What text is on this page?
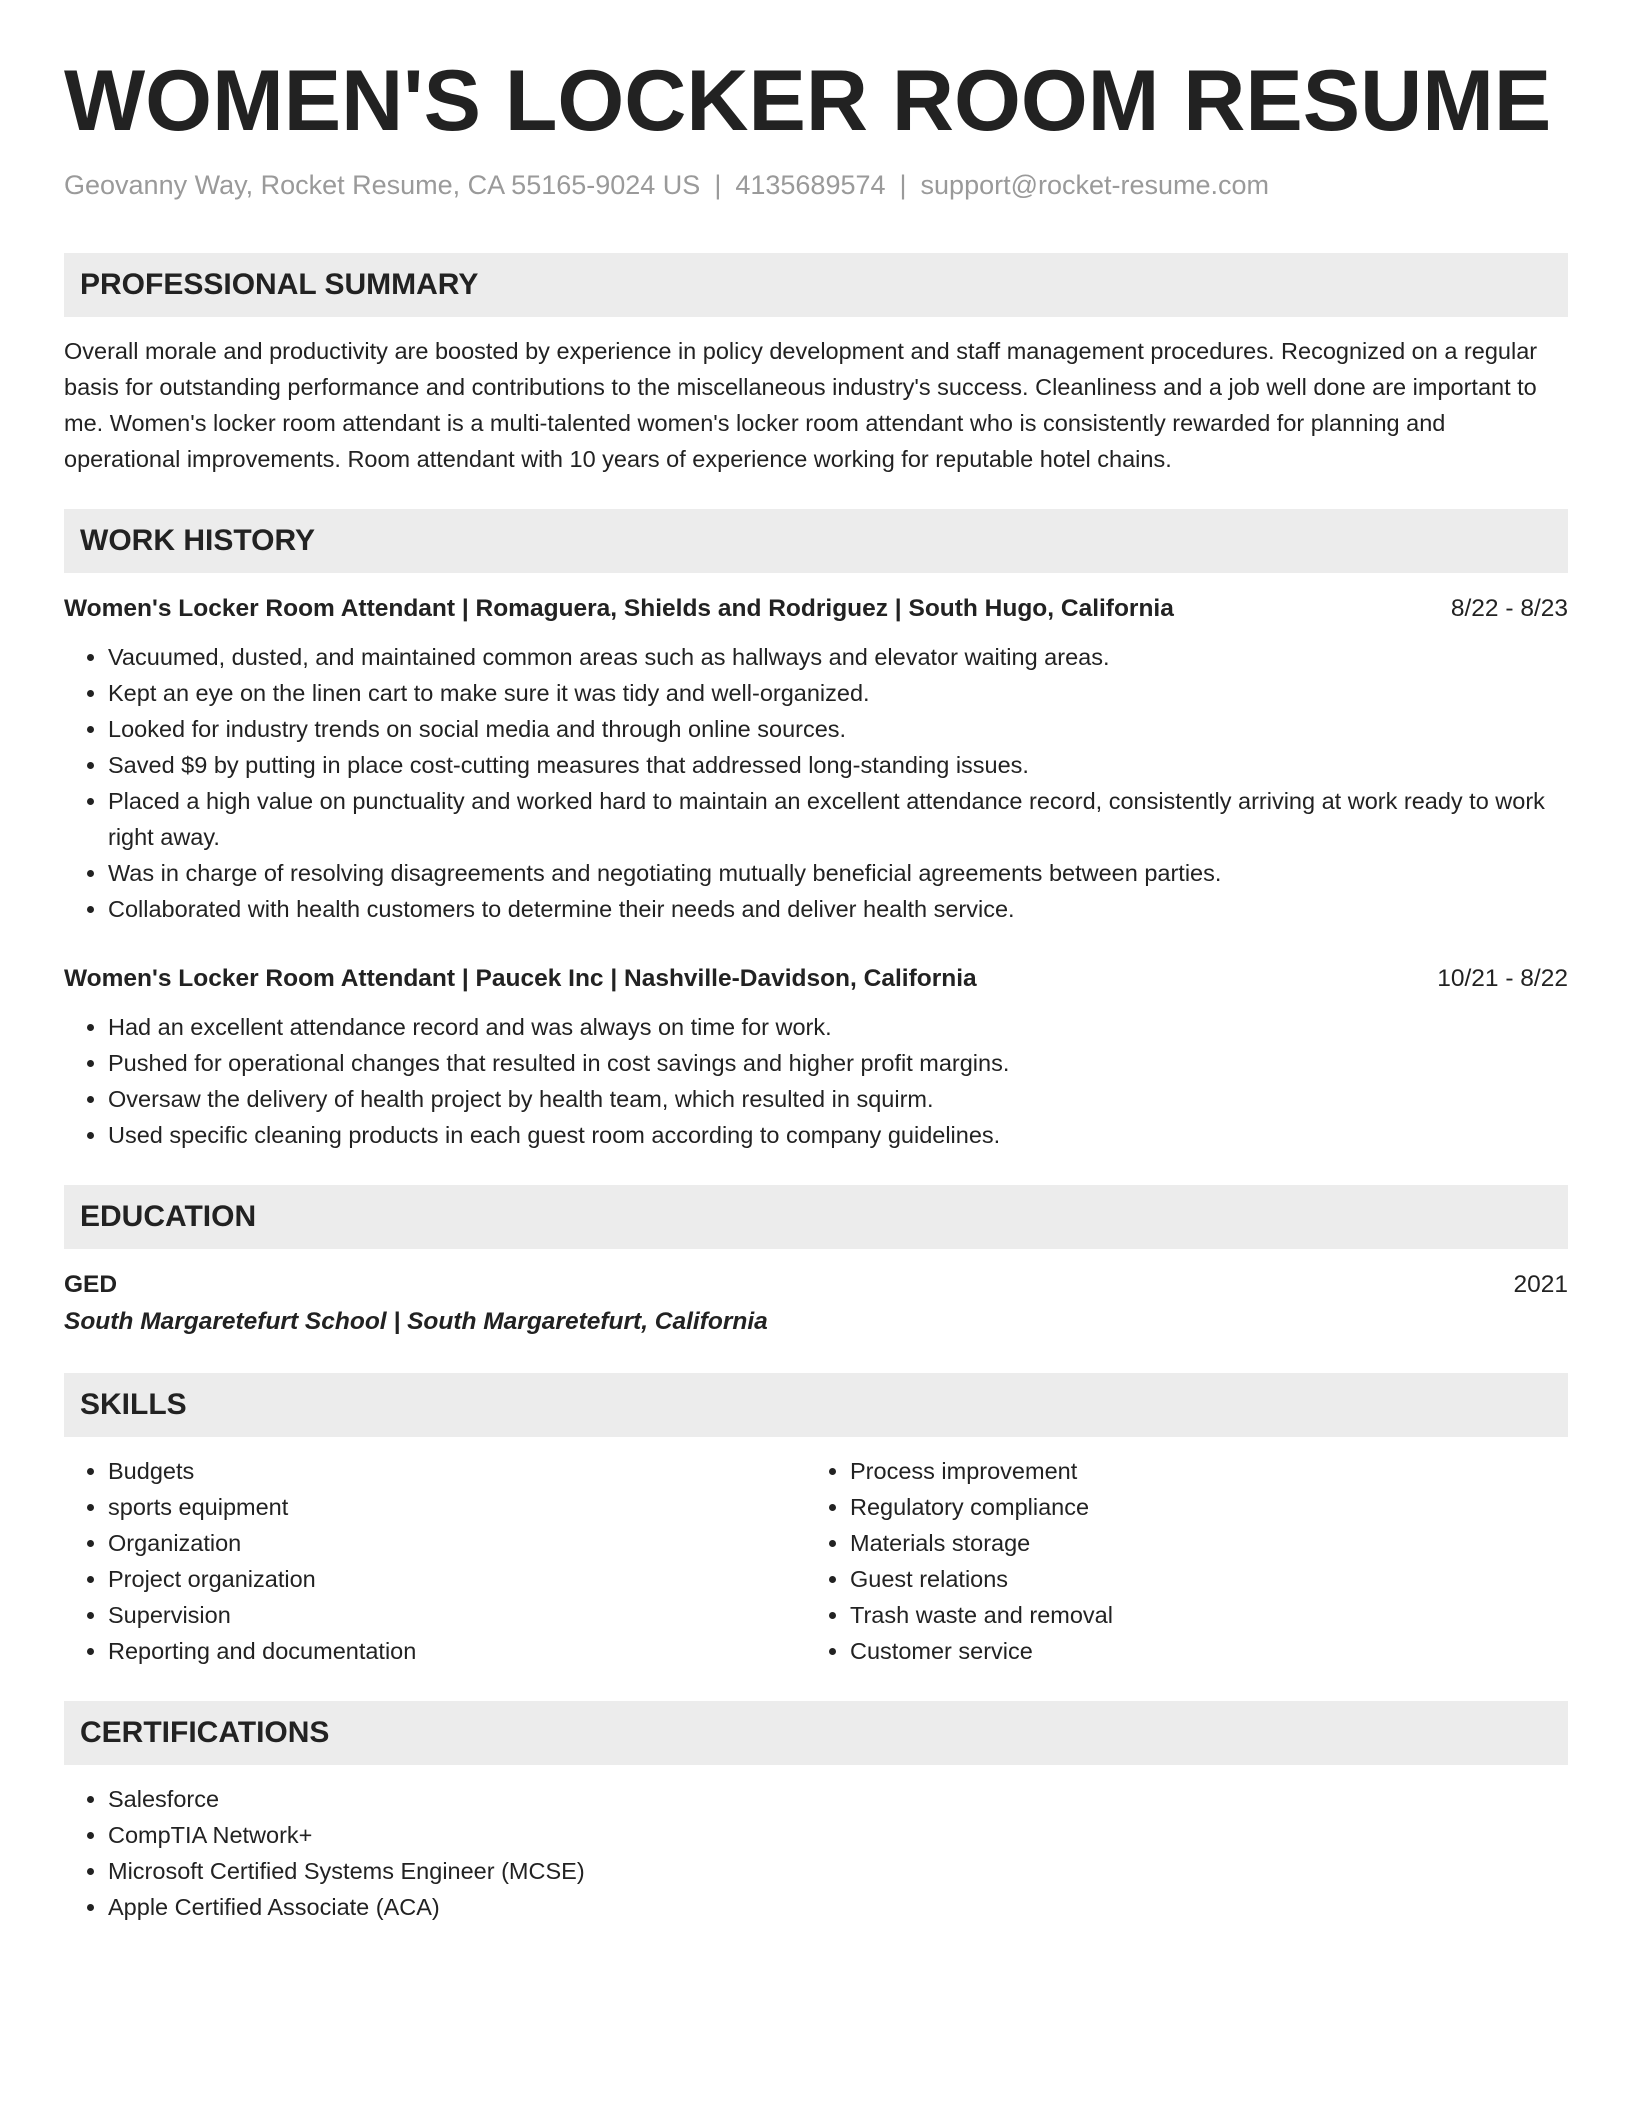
WOMEN'S LOCKER ROOM RESUME
Geovanny Way, Rocket Resume, CA 55165-9024 US | 4135689574 | support@rocket-resume.com
PROFESSIONAL SUMMARY

Overall morale and productivity are boosted by experience in policy development and staff management procedures. Recognized on a regular basis for outstanding performance and contributions to the miscellaneous industry's success. Cleanliness and a job well done are important to me. Women's locker room attendant is a multi-talented women's locker room attendant who is consistently rewarded for planning and operational improvements. Room attendant with 10 years of experience working for reputable hotel chains.

WORK HISTORY
Women's Locker Room Attendant | Romaguera, Shields and Rodriguez | South Hugo, California	8/22 - 8/23
• Vacuumed, dusted, and maintained common areas such as hallways and elevator waiting areas.
• Kept an eye on the linen cart to make sure it was tidy and well-organized.
• Looked for industry trends on social media and through online sources.
• Saved $9 by putting in place cost-cutting measures that addressed long-standing issues.
• Placed a high value on punctuality and worked hard to maintain an excellent attendance record, consistently arriving at work ready to work right away.
• Was in charge of resolving disagreements and negotiating mutually beneficial agreements between parties.
• Collaborated with health customers to determine their needs and deliver health service.
Women's Locker Room Attendant | Paucek Inc | Nashville-Davidson, California	10/21 - 8/22
• Had an excellent attendance record and was always on time for work.
• Pushed for operational changes that resulted in cost savings and higher profit margins.
• Oversaw the delivery of health project by health team, which resulted in squirm.
• Used specific cleaning products in each guest room according to company guidelines.
EDUCATION
GED	2021
South Margaretefurt School | South Margaretefurt, California
SKILLS
• Budgets
• sports equipment
• Organization
• Project organization
• Supervision
• Reporting and documentation
• Process improvement
• Regulatory compliance
• Materials storage
• Guest relations
• Trash waste and removal
• Customer service
CERTIFICATIONS
• Salesforce
• CompTIA Network+
• Microsoft Certified Systems Engineer (MCSE)
• Apple Certified Associate (ACA)
